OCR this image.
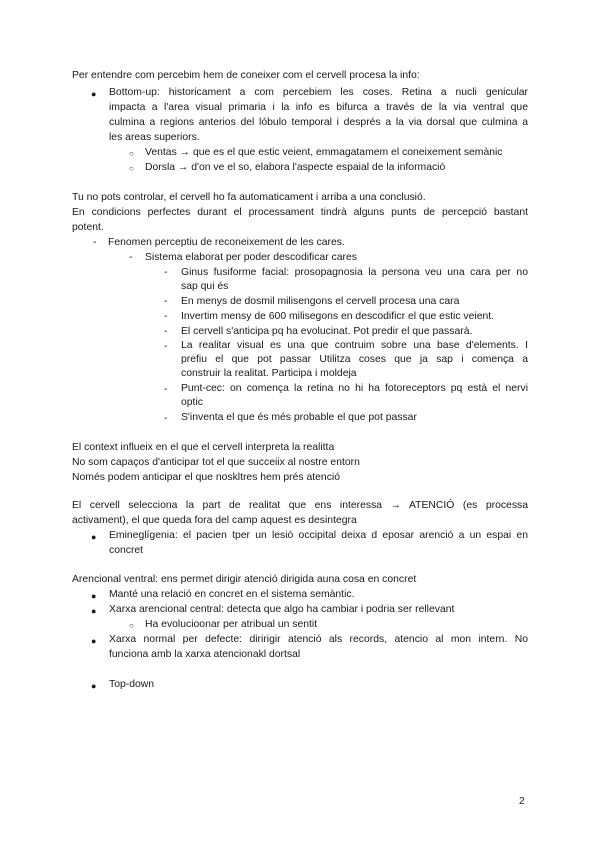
Per entendre com percebim hem de coneixer com el cervell procesa la info:
● Bottom-up: historicament a com percebiem les coses. Retina a nucli genicular
impacta a l'area visual primaria i la info es bifurca a través de la via ventral que
culmina a regions anterios del lóbulo temporal i després a la via dorsal que culmina a
les areas superiors.
○ Ventas → que es el que estic veient, emmagatamem el coneixement semànic
○ Dorsla → d'on ve el so, elabora l'aspecte espaial de la informació
Tu no pots controlar, el cervell ho fa automaticament i arriba a una conclusió.
En condicions perfectes durant el processament tindrà alguns punts de percepció bastant
potent.
- Fenomen perceptiu de reconeixement de les cares.
- Sistema elaborat per poder descodificar cares
- Ginus fusiforme facial: prosopagnosia la persona veu una cara per no
sap qui és
- En menys de dosmil milisengons el cervell procesa una cara
- Invertim mensy de 600 milisegons en descodificr el que estic veient.
- El cervell s'anticipa pq ha evolucinat. Pot predir el que passarà.
- La realitar visual es una que contruim sobre una base d'elements. I
prefiu el que pot passar Utilitza coses que ja sap i comença a
construir la realitat. Participa i moldeja
- Punt-cec: on comença la retina no hi ha fotoreceptors pq està el nervi
optic
- S'inventa el que és més probable el que pot passar
El context influeix en el que el cervell interpreta la realitta
No som capaços d'anticipar tot el que succeiix al nostre entorn
Només podem anticipar el que noskltres hem prés atenció
El cervell selecciona la part de realitat que ens interessa → ATENCIÓ (es processa
activament), el que queda fora del camp aquest es desintegra
● Emineglígenia: el pacien tper un lesió occipital deixa d eposar arenció a un espai en
concret
Arencional ventral: ens permet dirigir atenció dirigida auna cosa en concret
● Manté una relació en concret en el sistema semàntic.
● Xarxa arencional central: detecta que algo ha cambiar i podria ser rellevant
○ Ha evolucioonar per atribual un sentit
● Xarxa normal per defecte: diririgir atenció als records, atencio al mon intern. No
funciona amb la xarxa atencionakl dortsal
● Top-down
2
